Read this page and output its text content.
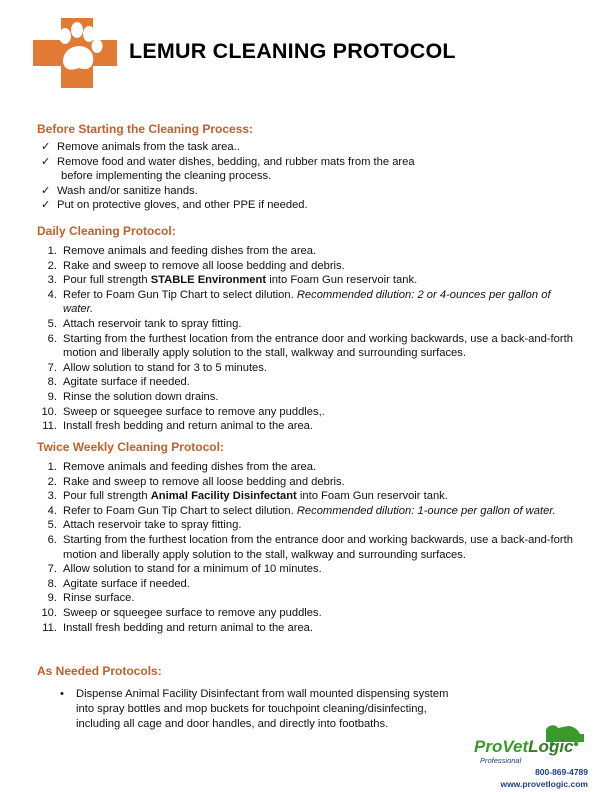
LEMUR CLEANING PROTOCOL
Before Starting the Cleaning Process:
✓ Remove animals from the task area..
✓ Remove food and water dishes, bedding, and rubber mats from the area
before implementing the cleaning process.
✓ Wash and/or sanitize hands.
✓ Put on protective gloves, and other PPE if needed.
Daily Cleaning Protocol:
1. Remove animals and feeding dishes from the area.
2. Rake and sweep to remove all loose bedding and debris.
3. Pour full strength STABLE Environment into Foam Gun reservoir tank.
4. Refer to Foam Gun Tip Chart to select dilution. Recommended dilution: 2 or 4-ounces per gallon of water.
5. Attach reservoir tank to spray fitting.
6. Starting from the furthest location from the entrance door and working backwards, use a back-and-forth motion and liberally apply solution to the stall, walkway and surrounding surfaces.
7. Allow solution to stand for 3 to 5 minutes.
8. Agitate surface if needed.
9. Rinse the solution down drains.
10. Sweep or squeegee surface to remove any puddles,.
11. Install fresh bedding and return animal to the area.
Twice Weekly Cleaning Protocol:
1. Remove animals and feeding dishes from the area.
2. Rake and sweep to remove all loose bedding and debris.
3. Pour full strength Animal Facility Disinfectant into Foam Gun reservoir tank.
4. Refer to Foam Gun Tip Chart to select dilution. Recommended dilution: 1-ounce per gallon of water.
5. Attach reservoir take to spray fitting.
6. Starting from the furthest location from the entrance door and working backwards, use a back-and-forth motion and liberally apply solution to the stall, walkway and surrounding surfaces.
7. Allow solution to stand for a minimum of 10 minutes.
8. Agitate surface if needed.
9. Rinse surface.
10. Sweep or squeegee surface to remove any puddles.
11. Install fresh bedding and return animal to the area.
As Needed Protocols:
• Dispense Animal Facility Disinfectant from wall mounted dispensing system into spray bottles and mop buckets for touchpoint cleaning/disinfecting, including all cage and door handles, and directly into footbaths.
ProVetLogic
Professional
800-869-4789
www.provetlogic.com
